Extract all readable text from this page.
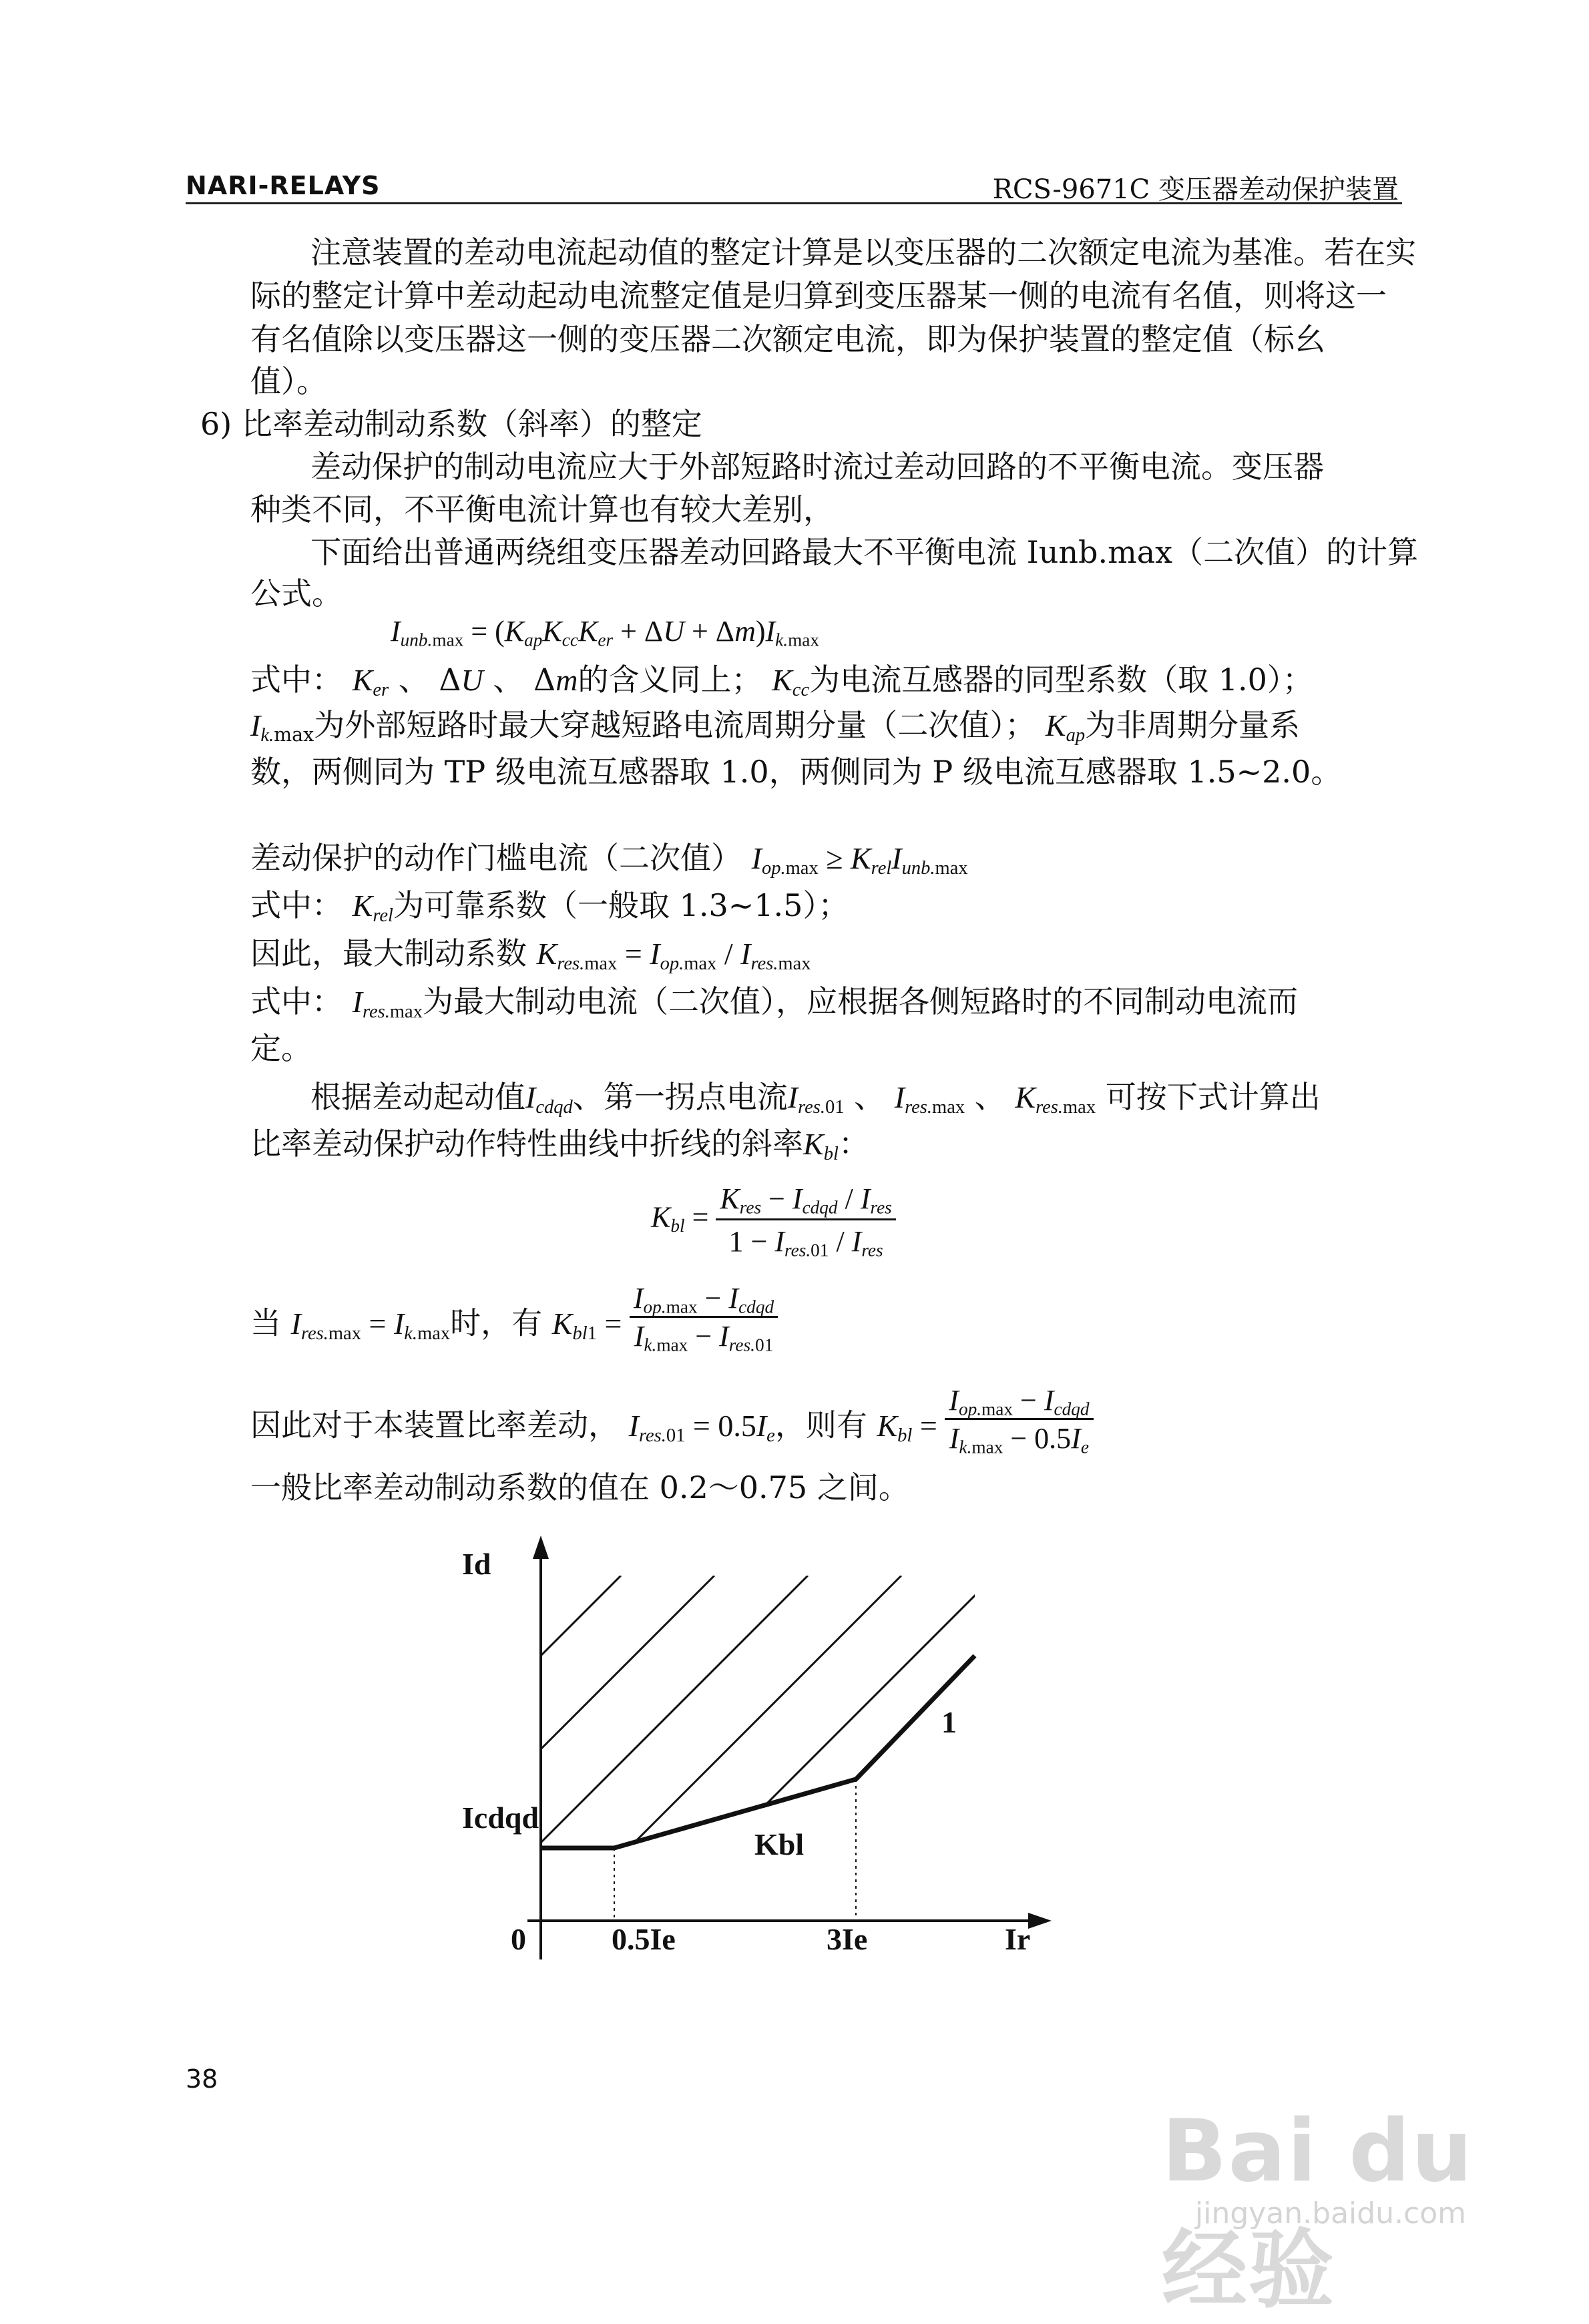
NARI-RELAYS	RCS-9671C 变压器差动保护装置
注意装置的差动电流起动值的整定计算是以变压器的二次额定电流为基准。若在实
际的整定计算中差动起动电流整定值是归算到变压器某一侧的电流有名值，则将这一
有名值除以变压器这一侧的变压器二次额定电流，即为保护装置的整定值（标幺
值）。
6) 比率差动制动系数（斜率）的整定
差动保护的制动电流应大于外部短路时流过差动回路的不平衡电流。变压器
种类不同，不平衡电流计算也有较大差别，
下面给出普通两绕组变压器差动回路最大不平衡电流 Iunb.max（二次值）的计算
公式。
Iunb.max = (KapKccKer + ΔU + Δm)Ik.max
式中： Ker 、 ΔU 、 Δm的含义同上； Kcc为电流互感器的同型系数（取 1.0）；
Ik.max为外部短路时最大穿越短路电流周期分量（二次值）； Kap为非周期分量系
数，两侧同为 TP 级电流互感器取 1.0，两侧同为 P 级电流互感器取 1.5~2.0。
差动保护的动作门槛电流（二次值） Iop.max ≥ KrelIunb.max
式中： Krel为可靠系数（一般取 1.3~1.5）；
因此，最大制动系数 Kres.max = Iop.max / Ires.max
式中： Ires.max为最大制动电流（二次值），应根据各侧短路时的不同制动电流而
定。
根据差动起动值Icdqd、第一拐点电流Ires.01 、 Ires.max 、 Kres.max 可按下式计算出
比率差动保护动作特性曲线中折线的斜率Kbl：
Kbl = $\frac{\text{Kres − Icdqd / Ires}}{\text{1 − Ires.01 / Ires}}$
当 Ires.max = Ik.max时，有 $Kbl1 = \frac{\text{Iop.max − Icdqd}}{\text{Ik.max − Ires.01}}$
因此对于本装置比率差动， Ires.01 = 0.5Ie，则有 Kbl = $\frac{\text{Iop.max − Icdqd}}{Ik.\max - 0.5Ie}$
一般比率差动制动系数的值在 0.2～0.75 之间。
Id
Ir
0
Icdqd
0.5Ie	3Ie
Kbl
1
38
Bai du 经验
jingyan.baidu.com
